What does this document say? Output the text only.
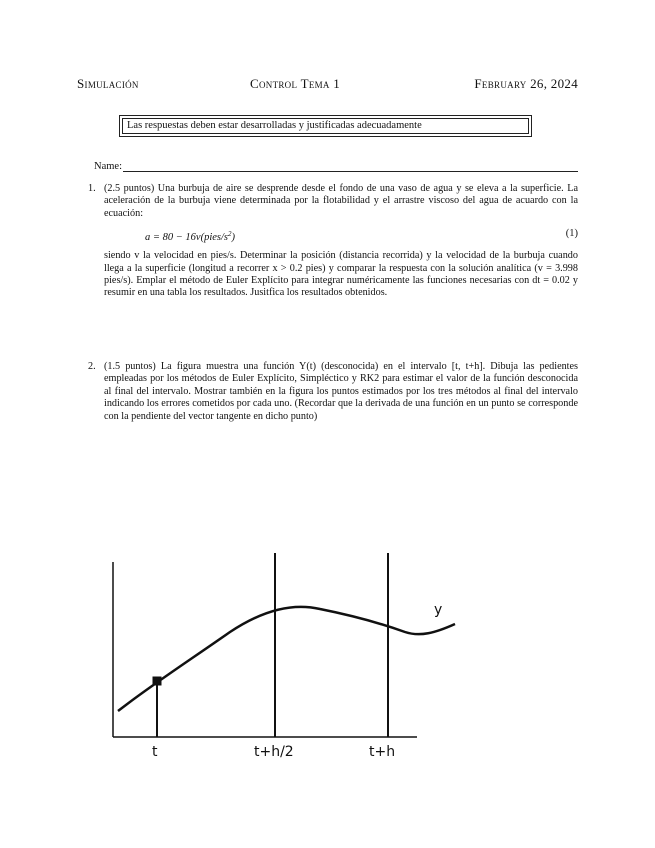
Simulación	Control Tema 1	February 26, 2024
Las respuestas deben estar desarrolladas y justificadas adecuadamente
Name:
1. (2.5 puntos) Una burbuja de aire se desprende desde el fondo de una vaso de agua y se eleva a la superficie. La aceleración de la burbuja viene determinada por la flotabilidad y el arrastre viscoso del agua de acuardo con la ecuación:
$a = 80 - 16v(pies/s^2)$	(1)
siendo v la velocidad en pies/s. Determinar la posición (distancia recorrida) y la velocidad de la burbuja cuando llega a la superficie (longitud a recorrer x > 0.2 pies) y comparar la respuesta con la solución analítica (v = 3.998 pies/s). Emplar el método de Euler Explícito para integrar numéricamente las funciones necesarias con dt = 0.02 y resumir en una tabla los resultados. Jusitfica los resultados obtenidos.
2. (1.5 puntos) La figura muestra una función Y(t) (desconocida) en el intervalo [t, t+h]. Dibuja las pedientes empleadas por los métodos de Euler Explícito, Simpléctico y RK2 para estimar el valor de la función desconocida al final del intervalo. Mostrar también en la figura los puntos estimados por los tres métodos al final del intervalo indicando los errores cometidos por cada uno. (Recordar que la derivada de una función en un punto se corresponde con la pendiente del vector tangente en dicho punto)
y
t	t+h/2	t+h
